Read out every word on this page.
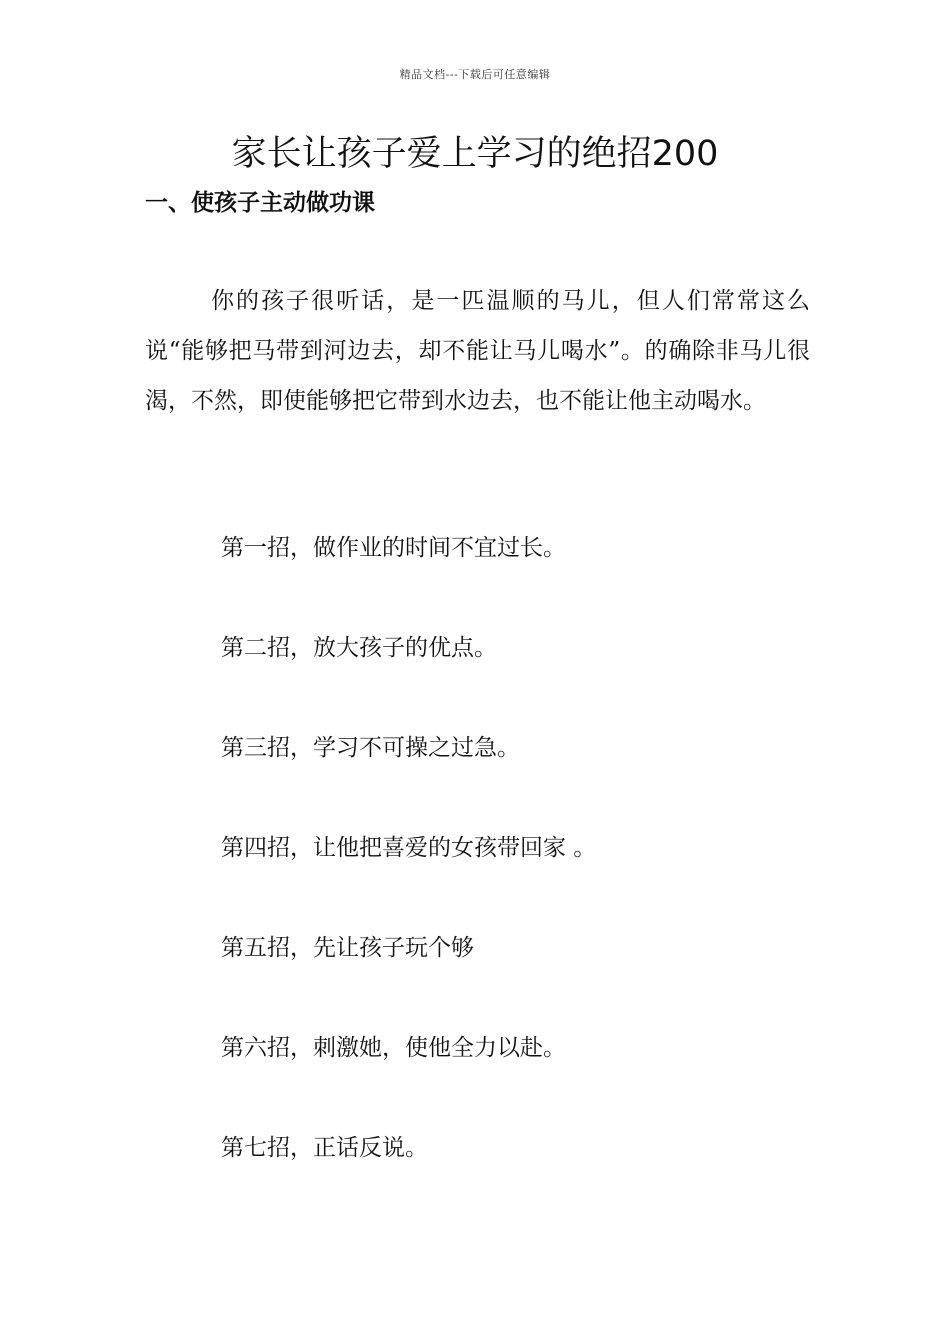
精品文档---下载后可任意编辑
家长让孩子爱上学习的绝招200
一、使孩子主动做功课

你的孩子很听话，是一匹温顺的马儿，但人们常常这么说“能够把马带到河边去，却不能让马儿喝水”。的确除非马儿很渴，不然，即使能够把它带到水边去，也不能让他主动喝水。

第一招，做作业的时间不宜过长。
第二招，放大孩子的优点。
第三招，学习不可操之过急。
第四招，让他把喜爱的女孩带回家 。
第五招，先让孩子玩个够
第六招，刺激她，使他全力以赴。
第七招，正话反说。
